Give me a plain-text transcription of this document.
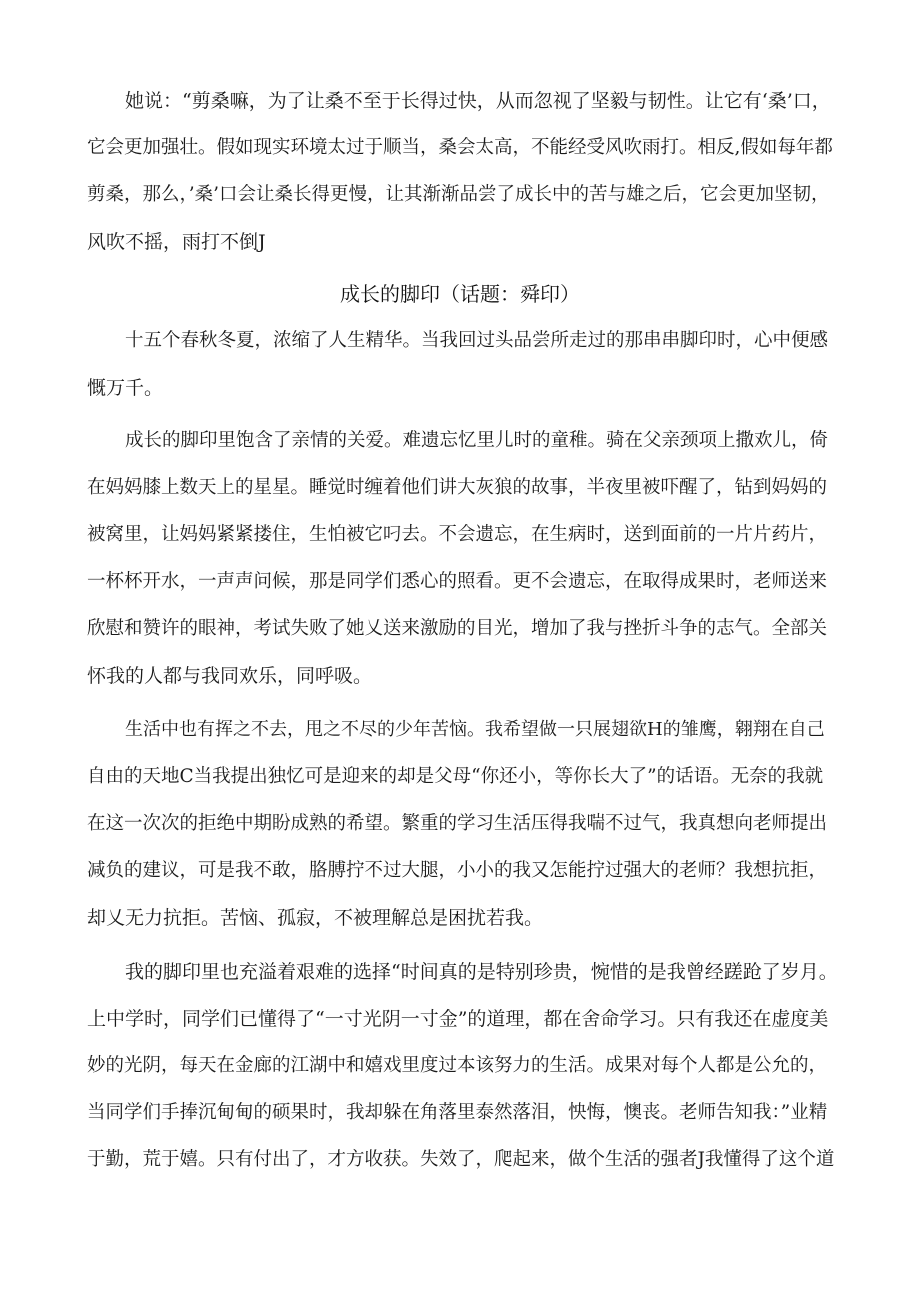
她说：“剪桑嘛，为了让桑不至于长得过快，从而忽视了坚毅与韧性。让它有‘桑’口，
它会更加强壮。假如现实环境太过于顺当，桑会太高，不能经受风吹雨打。相反,假如每年都
剪桑，那么，’桑’口会让桑长得更慢，让其渐渐品尝了成长中的苦与雄之后，它会更加坚韧，
风吹不摇，雨打不倒J
成长的脚印（话题：舜印）
十五个春秋冬夏，浓缩了人生精华。当我回过头品尝所走过的那串串脚印时，心中便感
慨万千。
成长的脚印里饱含了亲情的关爱。难遗忘忆里儿时的童稚。骑在父亲颈项上撒欢儿，倚
在妈妈膝上数天上的星星。睡觉时缠着他们讲大灰狼的故事，半夜里被吓醒了，钻到妈妈的
被窝里，让妈妈紧紧搂住，生怕被它叼去。不会遗忘，在生病时，送到面前的一片片药片，
一杯杯开水，一声声问候，那是同学们悉心的照看。更不会遗忘，在取得成果时，老师送来
欣慰和赞许的眼神，考试失败了她乂送来激励的目光，增加了我与挫折斗争的志气。全部关
怀我的人都与我同欢乐，同呼吸。
生活中也有挥之不去，甩之不尽的少年苦恼。我希望做一只展翅欲H的雏鹰，翱翔在自己
自由的天地C当我提出独忆可是迎来的却是父母“你还小，等你长大了”的话语。无奈的我就
在这一次次的拒绝中期盼成熟的希望。繁重的学习生活压得我喘不过气，我真想向老师提出
减负的建议，可是我不敢，胳膊拧不过大腿，小小的我又怎能拧过强大的老师？我想抗拒，
却乂无力抗拒。苦恼、孤寂，不被理解总是困扰若我。
我的脚印里也充溢着艰难的选择“时间真的是特别珍贵，惋惜的是我曾经蹉跄了岁月。
上中学时，同学们已懂得了“一寸光阴一寸金”的道理，都在舍命学习。只有我还在虚度美
妙的光阴，每天在金廊的江湖中和嬉戏里度过本该努力的生活。成果对每个人都是公允的，
当同学们手捧沉甸甸的硕果时，我却躲在角落里泰然落泪，怏悔，懊丧。老师告知我：”业精
于勤，荒于嬉。只有付出了，才方收获。失效了，爬起来，做个生活的强者J我懂得了这个道
